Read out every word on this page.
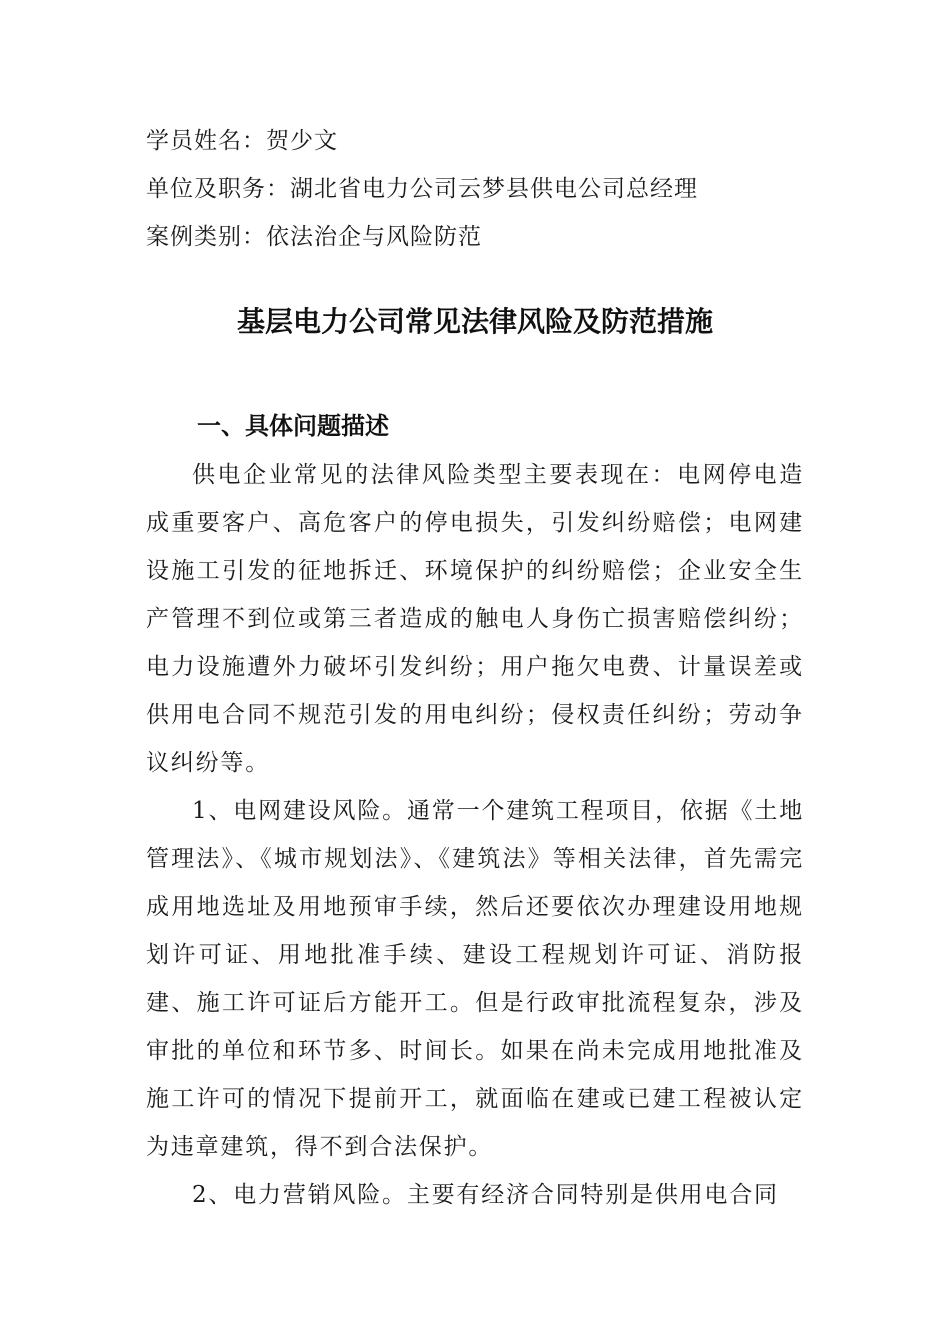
学员姓名：贺少文
单位及职务：湖北省电力公司云梦县供电公司总经理
案例类别：依法治企与风险防范
基层电力公司常见法律风险及防范措施
一、具体问题描述

供电企业常见的法律风险类型主要表现在：电网停电造成重要客户、高危客户的停电损失，引发纠纷赔偿；电网建设施工引发的征地拆迁、环境保护的纠纷赔偿；企业安全生产管理不到位或第三者造成的触电人身伤亡损害赔偿纠纷；电力设施遭外力破坏引发纠纷；用户拖欠电费、计量误差或供用电合同不规范引发的用电纠纷；侵权责任纠纷；劳动争议纠纷等。

1、电网建设风险。通常一个建筑工程项目，依据《土地管理法》、《城市规划法》、《建筑法》等相关法律，首先需完成用地选址及用地预审手续，然后还要依次办理建设用地规划许可证、用地批准手续、建设工程规划许可证、消防报建、施工许可证后方能开工。但是行政审批流程复杂，涉及审批的单位和环节多、时间长。如果在尚未完成用地批准及施工许可的情况下提前开工，就面临在建或已建工程被认定为违章建筑，得不到合法保护。

2、电力营销风险。主要有经济合同特别是供用电合同
